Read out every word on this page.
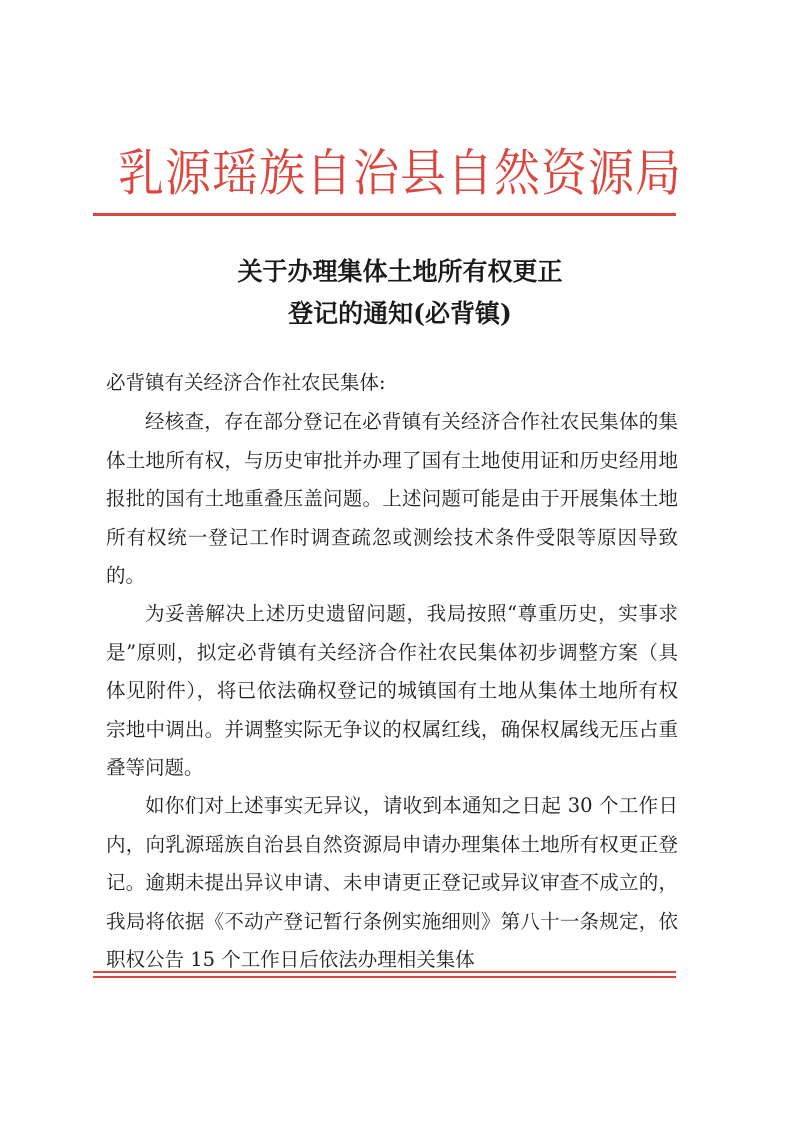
乳源瑶族自治县自然资源局
关于办理集体土地所有权更正
登记的通知(必背镇)
必背镇有关经济合作社农民集体:

经核查，存在部分登记在必背镇有关经济合作社农民集体的集体土地所有权，与历史审批并办理了国有土地使用证和历史经用地报批的国有土地重叠压盖问题。上述问题可能是由于开展集体土地所有权统一登记工作时调查疏忽或测绘技术条件受限等原因导致的。

为妥善解决上述历史遗留问题，我局按照“尊重历史，实事求是”原则，拟定必背镇有关经济合作社农民集体初步调整方案（具体见附件），将已依法确权登记的城镇国有土地从集体土地所有权宗地中调出。并调整实际无争议的权属红线，确保权属线无压占重叠等问题。

如你们对上述事实无异议，请收到本通知之日起 30 个工作日内，向乳源瑶族自治县自然资源局申请办理集体土地所有权更正登记。逾期未提出异议申请、未申请更正登记或异议审查不成立的，我局将依据《不动产登记暂行条例实施细则》第八十一条规定，依职权公告 15 个工作日后依法办理相关集体
